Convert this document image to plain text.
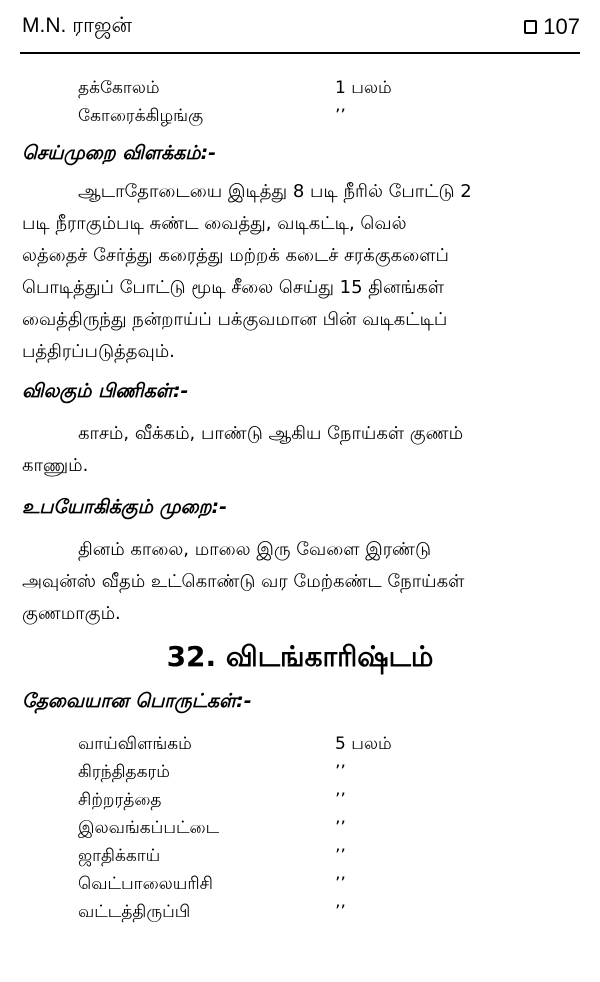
M.N. ராஜன்	107
தக்கோலம்	1 பலம்
கோரைக்கிழங்கு	’’
செய்முறை விளக்கம்:-
ஆடாதோடையை இடித்து 8 படி நீரில் போட்டு 2
படி நீராகும்படி சுண்ட வைத்து, வடிகட்டி, வெல்
லத்தைச் சேர்த்து கரைத்து மற்றக் கடைச் சரக்குகளைப்
பொடித்துப் போட்டு மூடி சீலை செய்து 15 தினங்கள்
வைத்திருந்து நன்றாய்ப் பக்குவமான பின் வடிகட்டிப்
பத்திரப்படுத்தவும்.
விலகும் பிணிகள்:-
காசம், வீக்கம், பாண்டு ஆகிய நோய்கள் குணம்
காணும்.
உபயோகிக்கும் முறை:-
தினம் காலை, மாலை இரு வேளை இரண்டு
அவுன்ஸ் வீதம் உட்கொண்டு வர மேற்கண்ட நோய்கள்
குணமாகும்.
32. விடங்காரிஷ்டம்
தேவையான பொருட்கள்:-
வாய்விளங்கம்	5 பலம்
கிரந்திதகரம்	’’
சிற்றரத்தை	’’
இலவங்கப்பட்டை	’’
ஜாதிக்காய்	’’
வெட்பாலையரிசி	’’
வட்டத்திருப்பி	’’
